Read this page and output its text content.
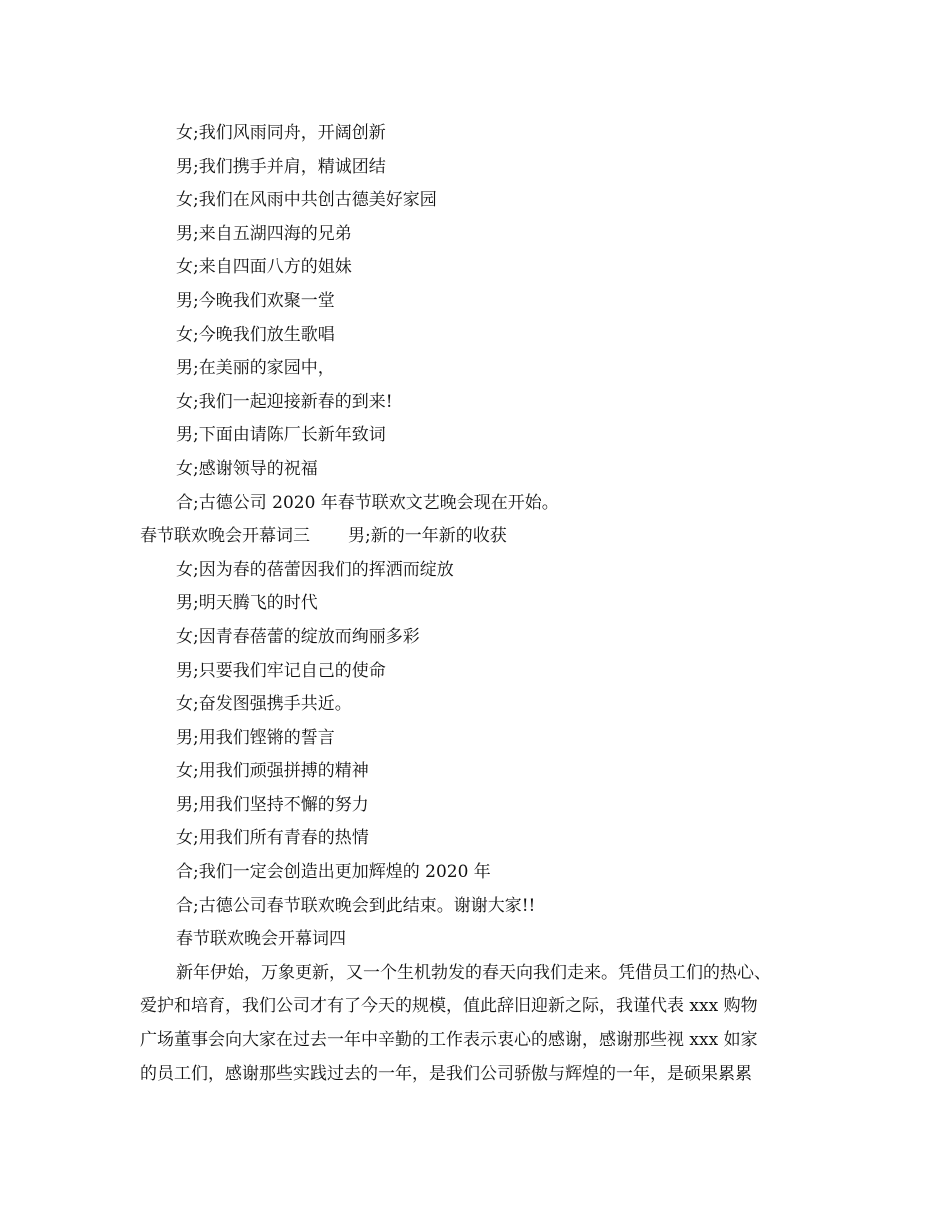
女;我们风雨同舟，开阔创新
男;我们携手并肩，精诚团结
女;我们在风雨中共创古德美好家园
男;来自五湖四海的兄弟
女;来自四面八方的姐妹
男;今晚我们欢聚一堂
女;今晚我们放生歌唱
男;在美丽的家园中，
女;我们一起迎接新春的到来!
男;下面由请陈厂长新年致词
女;感谢领导的祝福
合;古德公司 2020 年春节联欢文艺晚会现在开始。
春节联欢晚会开幕词三 男;新的一年新的收获
女;因为春的蓓蕾因我们的挥洒而绽放
男;明天腾飞的时代
女;因青春蓓蕾的绽放而绚丽多彩
男;只要我们牢记自己的使命
女;奋发图强携手共近。
男;用我们铿锵的誓言
女;用我们顽强拼搏的精神
男;用我们坚持不懈的努力
女;用我们所有青春的热情
合;我们一定会创造出更加辉煌的 2020 年
合;古德公司春节联欢晚会到此结束。谢谢大家!!
春节联欢晚会开幕词四
新年伊始，万象更新，又一个生机勃发的春天向我们走来。凭借员工们的热心、
爱护和培育，我们公司才有了今天的规模，值此辞旧迎新之际，我谨代表 xxx 购物
广场董事会向大家在过去一年中辛勤的工作表示衷心的感谢，感谢那些视 xxx 如家
的员工们，感谢那些实践过去的一年，是我们公司骄傲与辉煌的一年，是硕果累累
